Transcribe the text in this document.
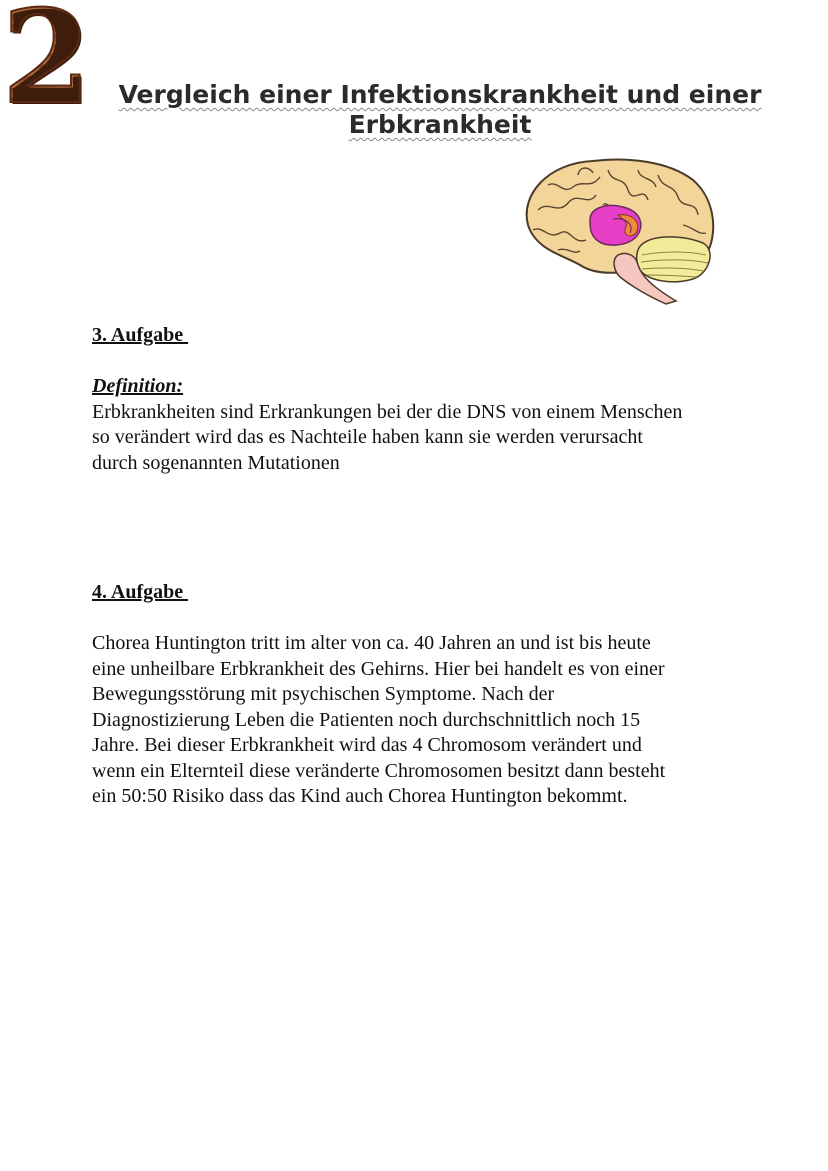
2	Vergleich einer Infektionskrankheit und einer Erbkrankheit

3. Aufgabe

Definition:

Erbkrankheiten sind Erkrankungen bei der die DNS von einem Menschen

so verändert wird das es Nachteile haben kann sie werden verursacht

durch sogenannten Mutationen

4. Aufgabe

Chorea Huntington tritt im alter von ca. 40 Jahren an und ist bis heute

eine unheilbare Erbkrankheit des Gehirns. Hier bei handelt es von einer

Bewegungsstörung mit psychischen Symptome. Nach der

Diagnostizierung Leben die Patienten noch durchschnittlich noch 15

Jahre. Bei dieser Erbkrankheit wird das 4 Chromosom verändert und

wenn ein Elternteil diese veränderte Chromosomen besitzt dann besteht

ein 50:50 Risiko dass das Kind auch Chorea Huntington bekommt.
